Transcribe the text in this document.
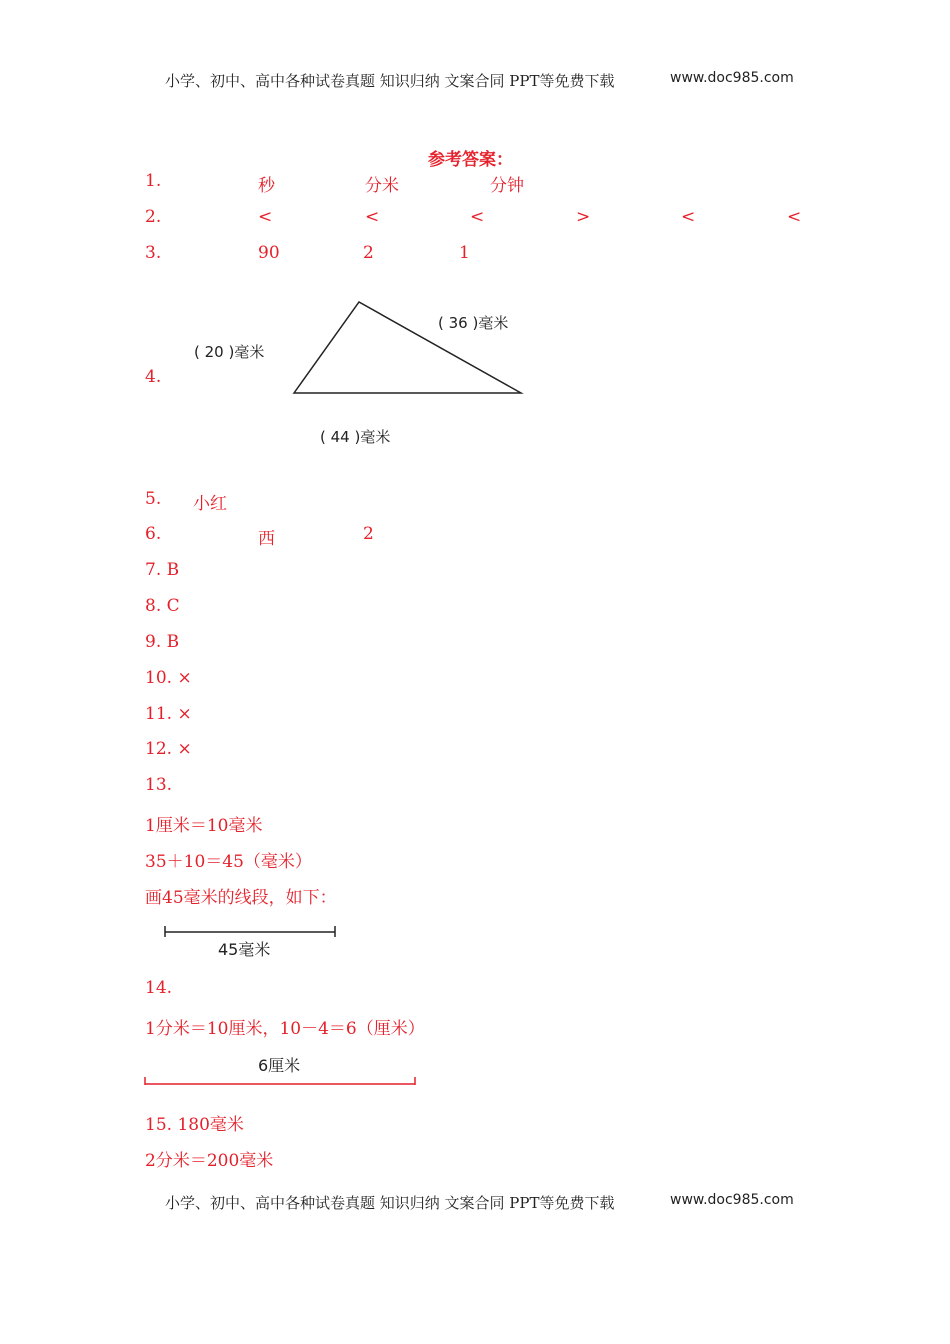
小学、初中、高中各种试卷真题 知识归纳 文案合同 PPT等免费下载	www.doc985.com
参考答案：
1.	秒	分米	分钟
2.	<	<	<	>	<	<
3.	90	2	1
4.
( 20 )毫米
( 36 )毫米
( 44 )毫米
5. 小红
6.	西	2
7. B
8. C
9. B
10. ×
11. ×
12. ×
13.
1厘米＝10毫米
35＋10＝45（毫米）
画45毫米的线段，如下：
45毫米
14.
1分米＝10厘米，10－4＝6（厘米）
6厘米
15. 180毫米
2分米＝200毫米
小学、初中、高中各种试卷真题 知识归纳 文案合同 PPT等免费下载	www.doc985.com
